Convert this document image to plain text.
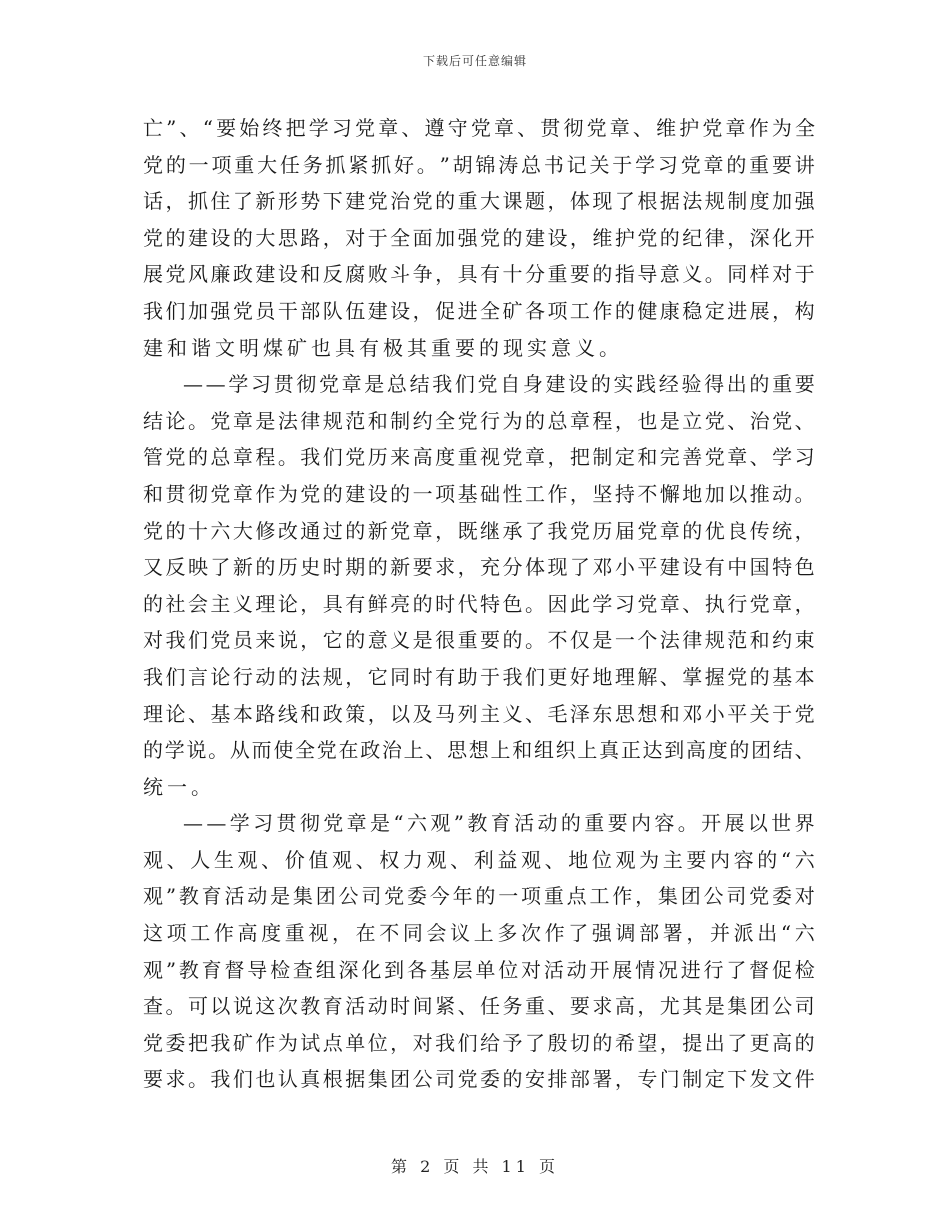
下载后可任意编辑
亡 ” 、 “ 要 始 终 把 学 习 党 章 、 遵 守 党 章 、 贯 彻 党 章 、 维 护 党 章 作 为 全
党 的 一 项 重 大 任 务 抓 紧 抓 好 。 ” 胡 锦 涛 总 书 记 关 于 学 习 党 章 的 重 要 讲
话 ， 抓 住 了 新 形 势 下 建 党 治 党 的 重 大 课 题 ， 体 现 了 根 据 法 规 制 度 加 强
党 的 建 设 的 大 思 路 ， 对 于 全 面 加 强 党 的 建 设 ， 维 护 党 的 纪 律 ， 深 化 开
展 党 风 廉 政 建 设 和 反 腐 败 斗 争 ， 具 有 十 分 重 要 的 指 导 意 义 。 同 样 对 于
我 们 加 强 党 员 干 部 队 伍 建 设 ， 促 进 全 矿 各 项 工 作 的 健 康 稳 定 进 展 ， 构
建和谐文明煤矿也具有极其重要的现实意义。
— — 学 习 贯 彻 党 章 是 总 结 我 们 党 自 身 建 设 的 实 践 经 验 得 出 的 重 要
结 论 。 党 章 是 法 律 规 范 和 制 约 全 党 行 为 的 总 章 程 ， 也 是 立 党 、 治 党 、
管 党 的 总 章 程 。 我 们 党 历 来 高 度 重 视 党 章 ， 把 制 定 和 完 善 党 章 、 学 习
和 贯 彻 党 章 作 为 党 的 建 设 的 一 项 基 础 性 工 作 ， 坚 持 不 懈 地 加 以 推 动 。
党 的 十 六 大 修 改 通 过 的 新 党 章 ， 既 继 承 了 我 党 历 届 党 章 的 优 良 传 统 ，
又 反 映 了 新 的 历 史 时 期 的 新 要 求 ， 充 分 体 现 了 邓 小 平 建 设 有 中 国 特 色
的 社 会 主 义 理 论 ， 具 有 鲜 亮 的 时 代 特 色 。 因 此 学 习 党 章 、 执 行 党 章 ，
对 我 们 党 员 来 说 ， 它 的 意 义 是 很 重 要 的 。 不 仅 是 一 个 法 律 规 范 和 约 束
我 们 言 论 行 动 的 法 规 ， 它 同 时 有 助 于 我 们 更 好 地 理 解 、 掌 握 党 的 基 本
理 论 、 基 本 路 线 和 政 策 ， 以 及 马 列 主 义 、 毛 泽 东 思 想 和 邓 小 平 关 于 党
的 学 说 。 从 而 使 全 党 在 政 治 上 、 思 想 上 和 组 织 上 真 正 达 到 高 度 的 团 结 、
统一。
— — 学 习 贯 彻 党 章 是 “ 六 观 ” 教 育 活 动 的 重 要 内 容 。 开 展 以 世 界
观 、 人 生 观 、 价 值 观 、 权 力 观 、 利 益 观 、 地 位 观 为 主 要 内 容 的 “ 六
观 ” 教 育 活 动 是 集 团 公 司 党 委 今 年 的 一 项 重 点 工 作 ， 集 团 公 司 党 委 对
这 项 工 作 高 度 重 视 ， 在 不 同 会 议 上 多 次 作 了 强 调 部 署 ， 并 派 出 “ 六
观 ” 教 育 督 导 检 查 组 深 化 到 各 基 层 单 位 对 活 动 开 展 情 况 进 行 了 督 促 检
查 。 可 以 说 这 次 教 育 活 动 时 间 紧 、 任 务 重 、 要 求 高 ， 尤 其 是 集 团 公 司
党 委 把 我 矿 作 为 试 点 单 位 ， 对 我 们 给 予 了 殷 切 的 希 望 ， 提 出 了 更 高 的
要 求 。 我 们 也 认 真 根 据 集 团 公 司 党 委 的 安 排 部 署 ， 专 门 制 定 下 发 文 件
第 2 页 共 11 页
